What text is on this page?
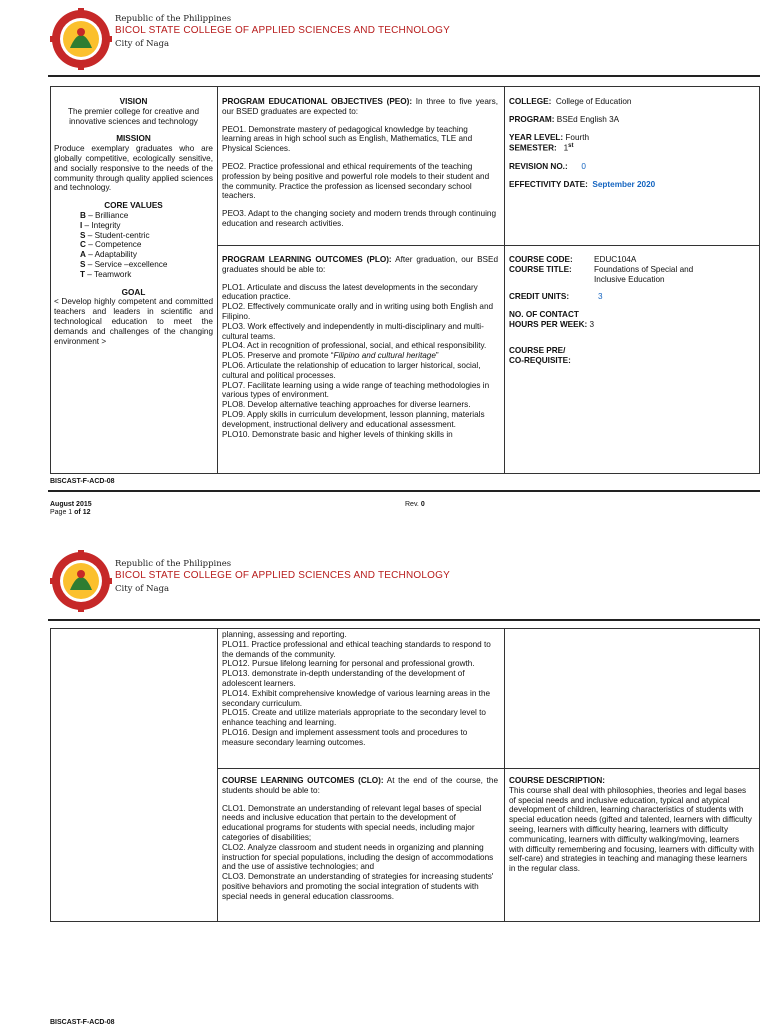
Republic of the Philippines
BICOL STATE COLLEGE OF APPLIED SCIENCES AND TECHNOLOGY
City of Naga

VISION

The premier college for creative and innovative sciences and technology

MISSION

Produce exemplary graduates who are globally competitive, ecologically sensitive, and socially responsive to the needs of the community through quality applied sciences and technology.

CORE VALUES

B – Brilliance

I – Integrity

S – Student-centric

C – Competence

A – Adaptability

S – Service –excellence

T – Teamwork

GOAL

< Develop highly competent and committed teachers and leaders in scientific and technological education to meet the demands and challenges of the changing environment >

PROGRAM EDUCATIONAL OBJECTIVES (PEO): In three to five years, our BSED graduates are expected to:

PEO1. Demonstrate mastery of pedagogical knowledge by teaching learning areas in high school such as English, Mathematics, TLE and Physical Sciences.

PEO2. Practice professional and ethical requirements of the teaching profession by being positive and powerful role models to their student and the community. Practice the profession as licensed secondary school teachers.

PEO3. Adapt to the changing society and modern trends through continuing education and research activities.

PROGRAM LEARNING OUTCOMES (PLO): After graduation, our BSEd graduates should be able to:

PLO1. Articulate and discuss the latest developments in the secondary education practice.

PLO2. Effectively communicate orally and in writing using both English and Filipino.

PLO3. Work effectively and independently in multi-disciplinary and multi-cultural teams.

PLO4. Act in recognition of professional, social, and ethical responsibility.

PLO5. Preserve and promote “Filipino and cultural heritage”

PLO6. Articulate the relationship of education to larger historical, social, cultural and political processes.

PLO7. Facilitate learning using a wide range of teaching methodologies in various types of environment.

PLO8. Develop alternative teaching approaches for diverse learners.

PLO9. Apply skills in curriculum development, lesson planning, materials development, instructional delivery and educational assessment.

PLO10. Demonstrate basic and higher levels of thinking skills in

COLLEGE: College of Education

PROGRAM: BSEd English 3A

YEAR LEVEL: Fourth

SEMESTER: 1st

REVISION NO.: 0

EFFECTIVITY DATE: September 2020

COURSE CODE:	EDUC104A
COURSE TITLE:	Foundations of Special and Inclusive Education
CREDIT UNITS:	3

NO. OF CONTACT

HOURS PER WEEK: 3

COURSE PRE/

CO-REQUISITE:

BISCAST-F-ACD-08
August 2015
Page 1 of 12
Rev. 0
Republic of the Philippines
BICOL STATE COLLEGE OF APPLIED SCIENCES AND TECHNOLOGY
City of Naga

planning, assessing and reporting.

PLO11. Practice professional and ethical teaching standards to respond to the demands of the community.

PLO12. Pursue lifelong learning for personal and professional growth.

PLO13. demonstrate in-depth understanding of the development of adolescent learners.

PLO14. Exhibit comprehensive knowledge of various learning areas in the secondary curriculum.

PLO15. Create and utilize materials appropriate to the secondary level to enhance teaching and learning.

PLO16. Design and implement assessment tools and procedures to measure secondary learning outcomes.

COURSE LEARNING OUTCOMES (CLO): At the end of the course, the students should be able to:

CLO1. Demonstrate an understanding of relevant legal bases of special needs and inclusive education that pertain to the development of educational programs for students with special needs, including major categories of disabilities;

CLO2. Analyze classroom and student needs in organizing and planning instruction for special populations, including the design of accommodations and the use of assistive technologies; and

CLO3. Demonstrate an understanding of strategies for increasing students' positive behaviors and promoting the social integration of students with special needs in general education classrooms.

COURSE DESCRIPTION:

This course shall deal with philosophies, theories and legal bases of special needs and inclusive education, typical and atypical development of children, learning characteristics of students with special education needs (gifted and talented, learners with difficulty seeing, learners with difficulty hearing, learners with difficulty communicating, learners with difficulty walking/moving, learners with difficulty remembering and focusing, learners with difficulty with self-care) and strategies in teaching and managing these learners in the regular class.

BISCAST-F-ACD-08
